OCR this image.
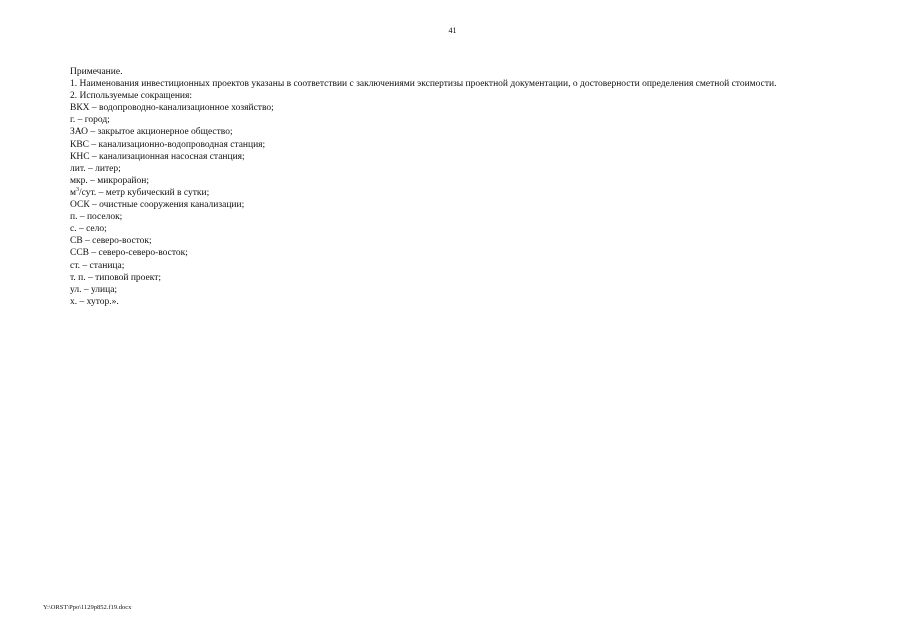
41
Примечание.
1. Наименования инвестиционных проектов указаны в соответствии с заключениями экспертизы проектной документации, о достоверности определения сметной стоимости.
2. Используемые сокращения:
ВКХ – водопроводно-канализационное хозяйство;
г. – город;
ЗАО – закрытое акционерное общество;
КВС – канализационно-водопроводная станция;
КНС – канализационная насосная станция;
лит. – литер;
мкр. – микрорайон;
$м^3$/сут. – метр кубический в сутки;
ОСК – очистные сооружения канализации;
п. – поселок;
с. – село;
СВ – северо-восток;
ССВ – северо-северо-восток;
ст. – станица;
т. п. – типовой проект;
ул. – улица;
х. – хутор.».
Y:\ORST\Ppo\1129p852.f19.docx
